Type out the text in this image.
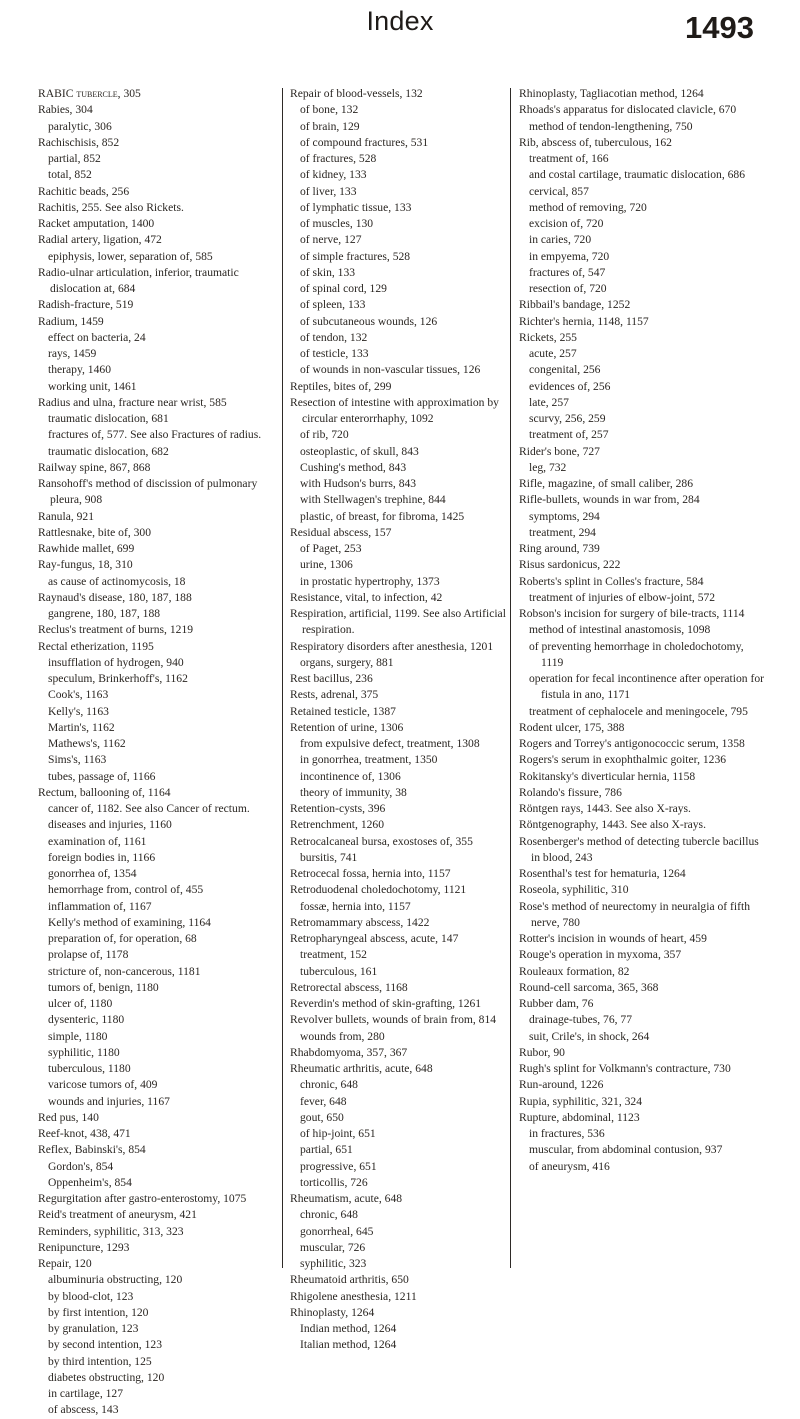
Index	1493

RABIC tubercle, 305

Rabies, 304

paralytic, 306

Rachischisis, 852

partial, 852

total, 852

Rachitic beads, 256

Rachitis, 255. See also Rickets.

Racket amputation, 1400

Radial artery, ligation, 472

epiphysis, lower, separation of, 585

Radio-ulnar articulation, inferior, traumatic dislocation at, 684

Radish-fracture, 519

Radium, 1459

effect on bacteria, 24

rays, 1459

therapy, 1460

working unit, 1461

Radius and ulna, fracture near wrist, 585

traumatic dislocation, 681

fractures of, 577. See also Fractures of radius.

traumatic dislocation, 682

Railway spine, 867, 868

Ransohoff's method of discission of pulmonary pleura, 908

Ranula, 921

Rattlesnake, bite of, 300

Rawhide mallet, 699

Ray-fungus, 18, 310

as cause of actinomycosis, 18

Raynaud's disease, 180, 187, 188

gangrene, 180, 187, 188

Reclus's treatment of burns, 1219

Rectal etherization, 1195

insufflation of hydrogen, 940

speculum, Brinkerhoff's, 1162

Cook's, 1163

Kelly's, 1163

Martin's, 1162

Mathews's, 1162

Sims's, 1163

tubes, passage of, 1166

Rectum, ballooning of, 1164

cancer of, 1182. See also Cancer of rectum.

diseases and injuries, 1160

examination of, 1161

foreign bodies in, 1166

gonorrhea of, 1354

hemorrhage from, control of, 455

inflammation of, 1167

Kelly's method of examining, 1164

preparation of, for operation, 68

prolapse of, 1178

stricture of, non-cancerous, 1181

tumors of, benign, 1180

ulcer of, 1180

dysenteric, 1180

simple, 1180

syphilitic, 1180

tuberculous, 1180

varicose tumors of, 409

wounds and injuries, 1167

Red pus, 140

Reef-knot, 438, 471

Reflex, Babinski's, 854

Gordon's, 854

Oppenheim's, 854

Regurgitation after gastro-enterostomy, 1075

Reid's treatment of aneurysm, 421

Reminders, syphilitic, 313, 323

Renipuncture, 1293

Repair, 120

albuminuria obstructing, 120

by blood-clot, 123

by first intention, 120

by granulation, 123

by second intention, 123

by third intention, 125

diabetes obstructing, 120

in cartilage, 127

of abscess, 143

Repair of blood-vessels, 132

of bone, 132

of brain, 129

of compound fractures, 531

of fractures, 528

of kidney, 133

of liver, 133

of lymphatic tissue, 133

of muscles, 130

of nerve, 127

of simple fractures, 528

of skin, 133

of spinal cord, 129

of spleen, 133

of subcutaneous wounds, 126

of tendon, 132

of testicle, 133

of wounds in non-vascular tissues, 126

Reptiles, bites of, 299

Resection of intestine with approximation by circular enterorrhaphy, 1092

of rib, 720

osteoplastic, of skull, 843

Cushing's method, 843

with Hudson's burrs, 843

with Stellwagen's trephine, 844

plastic, of breast, for fibroma, 1425

Residual abscess, 157

of Paget, 253

urine, 1306

in prostatic hypertrophy, 1373

Resistance, vital, to infection, 42

Respiration, artificial, 1199. See also Artificial respiration.

Respiratory disorders after anesthesia, 1201

organs, surgery, 881

Rest bacillus, 236

Rests, adrenal, 375

Retained testicle, 1387

Retention of urine, 1306

from expulsive defect, treatment, 1308

in gonorrhea, treatment, 1350

incontinence of, 1306

theory of immunity, 38

Retention-cysts, 396

Retrenchment, 1260

Retrocalcaneal bursa, exostoses of, 355

bursitis, 741

Retrocecal fossa, hernia into, 1157

Retroduodenal choledochotomy, 1121

fossæ, hernia into, 1157

Retromammary abscess, 1422

Retropharyngeal abscess, acute, 147

treatment, 152

tuberculous, 161

Retrorectal abscess, 1168

Reverdin's method of skin-grafting, 1261

Revolver bullets, wounds of brain from, 814

wounds from, 280

Rhabdomyoma, 357, 367

Rheumatic arthritis, acute, 648

chronic, 648

fever, 648

gout, 650

of hip-joint, 651

partial, 651

progressive, 651

torticollis, 726

Rheumatism, acute, 648

chronic, 648

gonorrheal, 645

muscular, 726

syphilitic, 323

Rheumatoid arthritis, 650

Rhigolene anesthesia, 1211

Rhinoplasty, 1264

Indian method, 1264

Italian method, 1264

Rhinoplasty, Tagliacotian method, 1264

Rhoads's apparatus for dislocated clavicle, 670

method of tendon-lengthening, 750

Rib, abscess of, tuberculous, 162

treatment of, 166

and costal cartilage, traumatic dislocation, 686

cervical, 857

method of removing, 720

excision of, 720

in caries, 720

in empyema, 720

fractures of, 547

resection of, 720

Ribbail's bandage, 1252

Richter's hernia, 1148, 1157

Rickets, 255

acute, 257

congenital, 256

evidences of, 256

late, 257

scurvy, 256, 259

treatment of, 257

Rider's bone, 727

leg, 732

Rifle, magazine, of small caliber, 286

Rifle-bullets, wounds in war from, 284

symptoms, 294

treatment, 294

Ring around, 739

Risus sardonicus, 222

Roberts's splint in Colles's fracture, 584

treatment of injuries of elbow-joint, 572

Robson's incision for surgery of bile-tracts, 1114

method of intestinal anastomosis, 1098

of preventing hemorrhage in choledochotomy, 1119

operation for fecal incontinence after operation for fistula in ano, 1171

treatment of cephalocele and meningocele, 795

Rodent ulcer, 175, 388

Rogers and Torrey's antigonococcic serum, 1358

Rogers's serum in exophthalmic goiter, 1236

Rokitansky's diverticular hernia, 1158

Rolando's fissure, 786

Röntgen rays, 1443. See also X-rays.

Röntgenography, 1443. See also X-rays.

Rosenberger's method of detecting tubercle bacillus in blood, 243

Rosenthal's test for hematuria, 1264

Roseola, syphilitic, 310

Rose's method of neurectomy in neuralgia of fifth nerve, 780

Rotter's incision in wounds of heart, 459

Rouge's operation in myxoma, 357

Rouleaux formation, 82

Round-cell sarcoma, 365, 368

Rubber dam, 76

drainage-tubes, 76, 77

suit, Crile's, in shock, 264

Rubor, 90

Rugh's splint for Volkmann's contracture, 730

Run-around, 1226

Rupia, syphilitic, 321, 324

Rupture, abdominal, 1123

in fractures, 536

muscular, from abdominal contusion, 937

of aneurysm, 416
